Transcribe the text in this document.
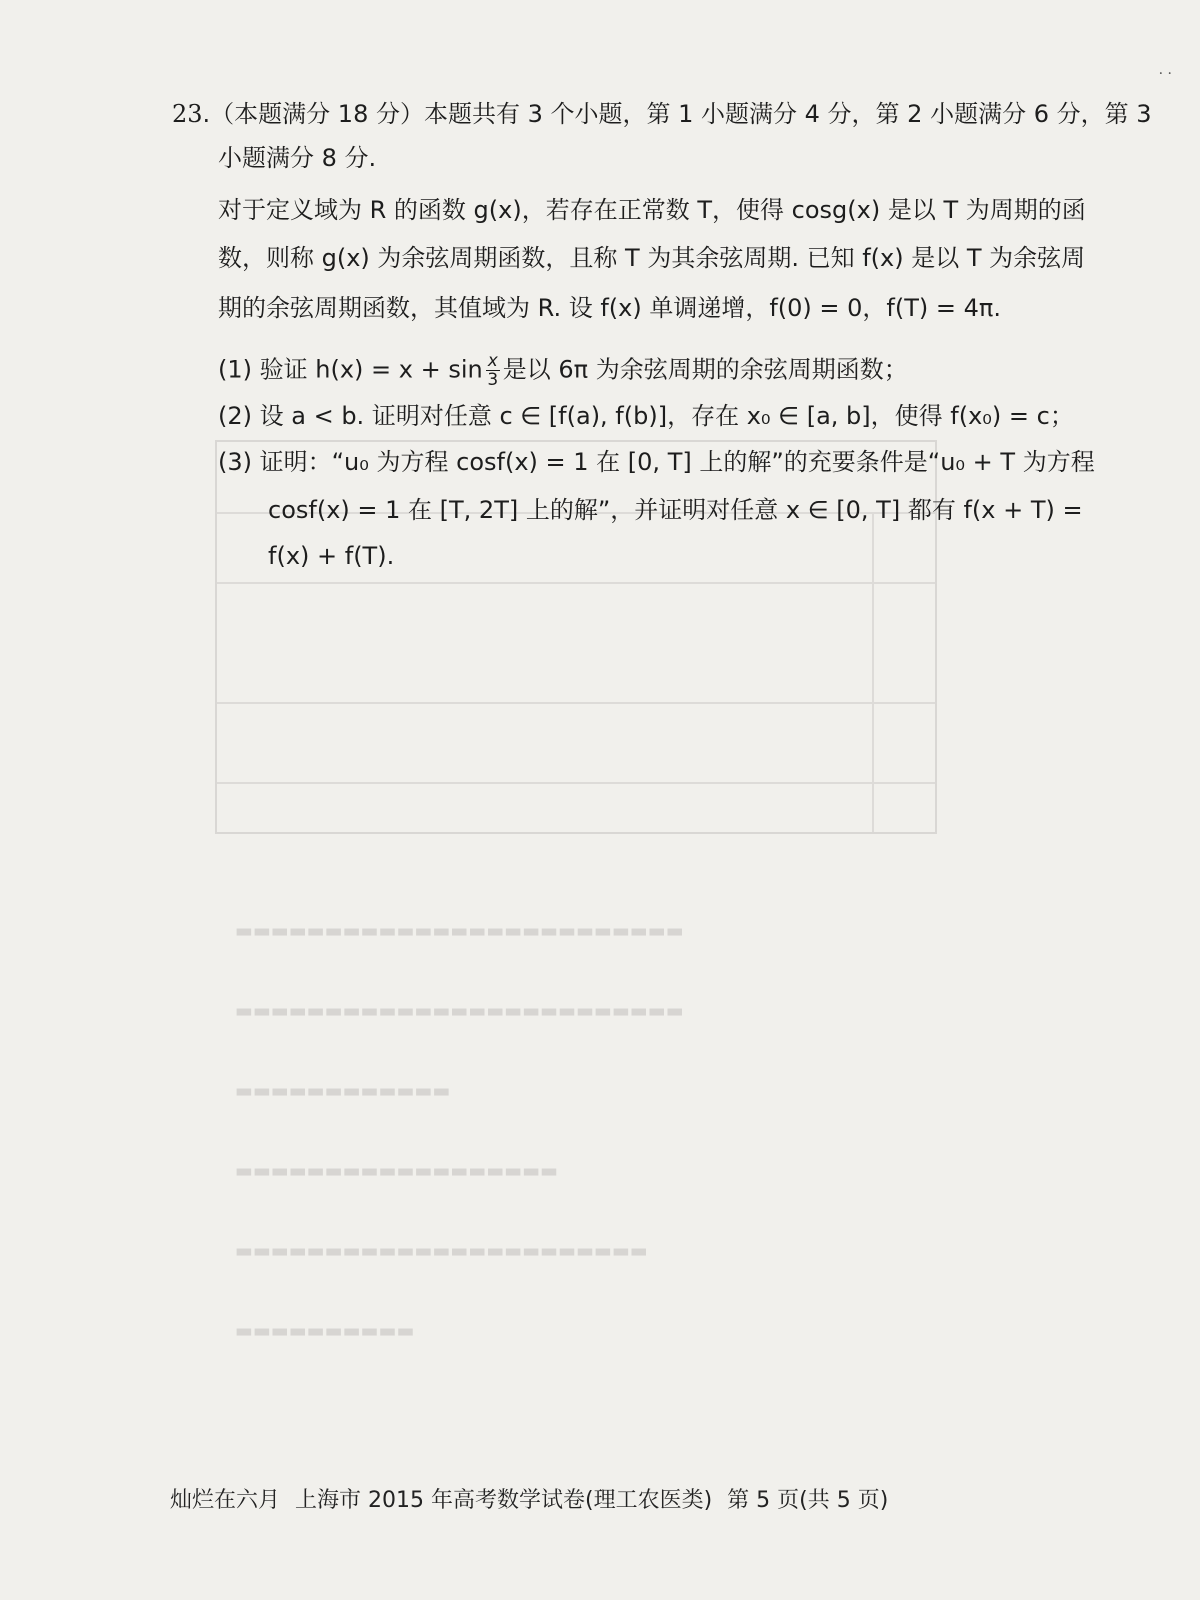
▬▬▬▬▬▬▬▬▬▬▬▬▬▬▬▬▬▬▬▬▬▬▬▬▬
▬▬▬▬▬▬▬▬▬▬▬▬▬▬▬▬▬▬▬▬▬▬▬▬▬
▬▬▬▬▬▬▬▬▬▬▬▬
▬▬▬▬▬▬▬▬▬▬▬▬▬▬▬▬▬▬
▬▬▬▬▬▬▬▬▬▬▬▬▬▬▬▬▬▬▬▬▬▬▬
▬▬▬▬▬▬▬▬▬▬
· ·
23.（本题满分 18 分）本题共有 3 个小题，第 1 小题满分 4 分，第 2 小题满分 6 分，第 3
小题满分 8 分.
对于定义域为 R 的函数 g(x)，若存在正常数 T，使得 cosg(x) 是以 T 为周期的函
数，则称 g(x) 为余弦周期函数，且称 T 为其余弦周期. 已知 f(x) 是以 T 为余弦周
期的余弦周期函数，其值域为 R. 设 f(x) 单调递增，f(0) = 0，f(T) = 4π.
(1) 验证 $h(x) = x + \sin \frac{x}{3}$ 是以 6π 为余弦周期的余弦周期函数；
(2) 设 a < b. 证明对任意 c ∈ [f(a), f(b)]，存在 x₀ ∈ [a, b]，使得 f(x₀) = c；
(3) 证明：“u₀ 为方程 cosf(x) = 1 在 [0, T] 上的解”的充要条件是“u₀ + T 为方程
cosf(x) = 1 在 [T, 2T] 上的解”，并证明对任意 x ∈ [0, T] 都有 f(x + T) =
f(x) + f(T).
灿烂在六月 上海市 2015 年高考数学试卷(理工农医类) 第 5 页(共 5 页)
